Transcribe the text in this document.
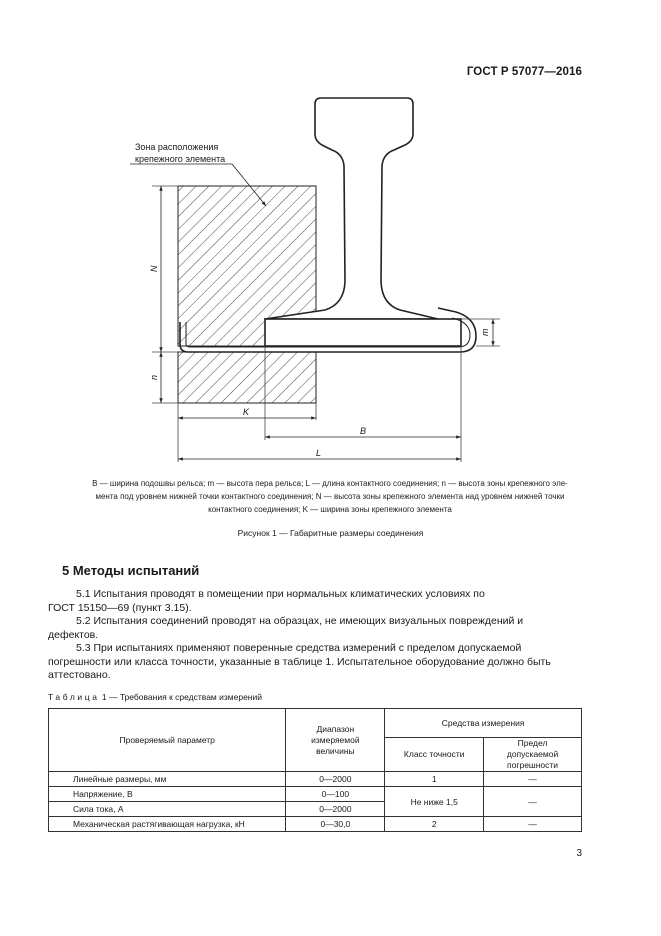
ГОСТ Р 57077—2016
Зона расположения
крепежного элемента
N
n
m
K
B
L
B — ширина подошвы рельса; m — высота пера рельса; L — длина контактного соединения; n — высота зоны крепежного эле-
мента под уровнем нижней точки контактного соединения; N — высота зоны крепежного элемента над уровнем нижней точки
контактного соединения; K — ширина зоны крепежного элемента
Рисунок 1 — Габаритные размеры соединения
5 Методы испытаний
5.1 Испытания проводят в помещении при нормальных климатических условиях по
ГОСТ 15150—69 (пункт 3.15).
5.2 Испытания соединений проводят на образцах, не имеющих визуальных повреждений и
дефектов.
5.3 При испытаниях применяют поверенные средства измерений с пределом допускаемой
погрешности или класса точности, указанные в таблице 1. Испытательное оборудование должно быть
аттестовано.
Таблица 1 — Требования к средствам измерений
Проверяемый параметр	Диапазон измеряемой величины	Средства измерения	
		Класс точности	Предел допускаемой погрешности
Линейные размеры, мм	0—2000	1	—
Напряжение, В	0—100	Не ниже 1,5	—
Сила тока, А	0—2000		
Механическая растягивающая нагрузка, кН	0—30,0	2	—
3
